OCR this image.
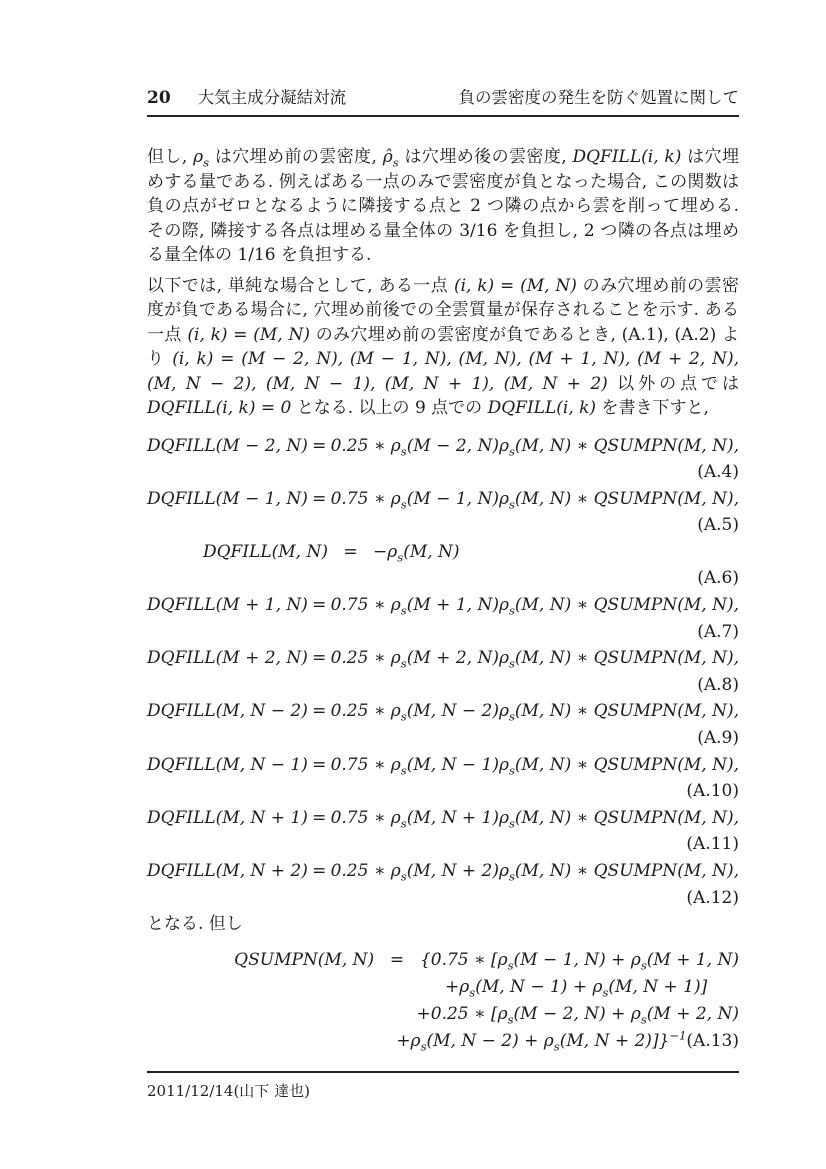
20 大気主成分凝結対流	負の雲密度の発生を防ぐ処置に関して

但し, $\rho_s$ は穴埋め前の雲密度, $\rhô_s$ は穴埋め後の雲密度, DQFILL(i, k) は穴埋めする量である. 例えばある一点のみで雲密度が負となった場合, この関数は負の点がゼロとなるように隣接する点と 2 つ隣の点から雲を削って埋める. その際, 隣接する各点は埋める量全体の 3/16 を負担し, 2 つ隣の各点は埋める量全体の 1/16 を負担する.

以下では, 単純な場合として, ある一点 (i, k) = (M, N) のみ穴埋め前の雲密度が負である場合に, 穴埋め前後での全雲質量が保存されることを示す. ある一点 (i, k) = (M, N) のみ穴埋め前の雲密度が負であるとき, (A.1), (A.2) より (i, k) = (M − 2, N), (M − 1, N), (M, N), (M + 1, N), (M + 2, N), (M, N − 2), (M, N − 1), (M, N + 1), (M, N + 2) 以外の点では DQFILL(i, k) = 0 となる. 以上の 9 点での DQFILL(i, k) を書き下すと,

DQFILL(M − 2, N) = 0.25 ∗ $\rho_s(M - 2$, $N)\rho_s(M$, N) ∗ QSUMPN(M, N),
(A.4)
DQFILL(M − 1, N) = 0.75 ∗ $\rho_s(M - 1$, $N)\rho_s(M$, N) ∗ QSUMPN(M, N),
(A.5)
DQFILL(M, $N) = -\rho_s(M$, N)
(A.6)
DQFILL(M + 1, N) = 0.75 ∗ $\rho_s(M + 1$, $N)\rho_s(M$, N) ∗ QSUMPN(M, N),
(A.7)
DQFILL(M + 2, N) = 0.25 ∗ $\rho_s(M + 2$, $N)\rho_s(M$, N) ∗ QSUMPN(M, N),
(A.8)
DQFILL(M, N − 2) = 0.25 ∗ $\rho_s(M$, $N - 2)\rho_s(M$, N) ∗ QSUMPN(M, N),
(A.9)
DQFILL(M, N − 1) = 0.75 ∗ $\rho_s(M$, $N - 1)\rho_s(M$, N) ∗ QSUMPN(M, N),
(A.10)
DQFILL(M, N + 1) = 0.75 ∗ $\rho_s(M$, $N + 1)\rho_s(M$, N) ∗ QSUMPN(M, N),
(A.11)
DQFILL(M, N + 2) = 0.25 ∗ $\rho_s(M$, $N + 2)\rho_s(M$, N) ∗ QSUMPN(M, N),
(A.12)

となる. 但し

QSUMPN(M, N) = {0.75 ∗ [$\rho_s(M - 1$, $N) + \rho_s(M + 1$, N)
$+\rho_s(M$, $N - 1) + \rho_s(M$, N + 1)]
+0.25 ∗ [$\rho_s(M - 2$, $N) + \rho_s(M + 2$, N)
$+\rho_s(M$, $N - 2) + \rho_s(M$, N + 2)]}$^{-1}$ (A.13)
2011/12/14(山下 達也)
